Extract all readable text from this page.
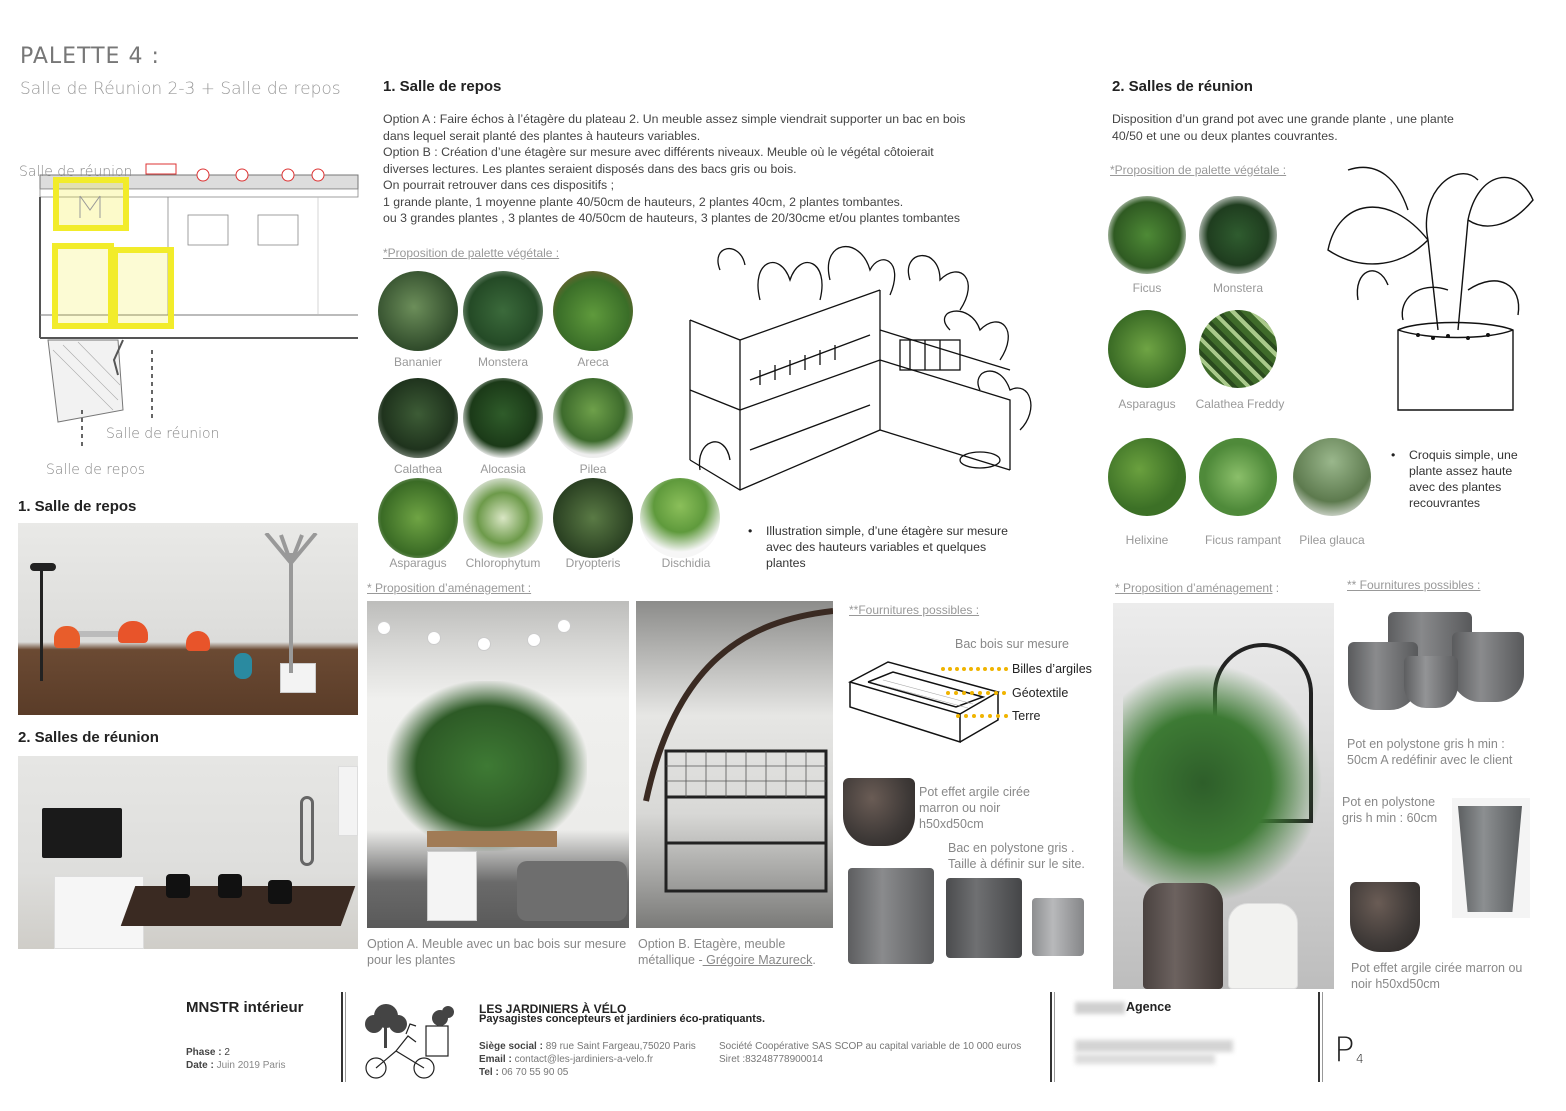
PALETTE 4 :
Salle de Réunion 2-3 + Salle de repos
Salle de réunion
Salle de réunion
Salle de repos
1. Salle de repos
2. Salles de réunion
1. Salle de repos
Option A : Faire échos à l’étagère du plateau 2. Un meuble assez simple viendrait supporter un bac en bois
dans lequel serait planté des plantes à hauteurs variables.
Option B : Création d’une étagère sur mesure avec différents niveaux. Meuble où le végétal côtoierait
diverses lectures. Les plantes seraient disposés dans des bacs gris ou bois.
On pourrait retrouver dans ces dispositifs ;
1 grande plante, 1 moyenne plante 40/50cm de hauteurs, 2 plantes 40cm, 2 plantes tombantes.
ou 3 grandes plantes , 3 plantes de 40/50cm de hauteurs, 3 plantes de 20/30cme et/ou plantes tombantes
*Proposition de palette végétale :
Bananier	Monstera	Areca
Calathea	Alocasia	Pilea
Asparagus	Chlorophytum	Dryopteris	Dischidia
• Illustration simple, d’une étagère sur mesure avec des hauteurs variables et quelques plantes
* Proposition d’aménagement :
Option A. Meuble avec un bac bois sur mesure pour les plantes
Option B. Etagère, meuble métallique - Grégoire Mazureck.
**Fournitures possibles :
Bac bois sur mesure
Billes d’argiles
Géotextile
Terre
Pot effet argile cirée marron ou noir h50xd50cm
Bac en polystone gris . Taille à définir sur le site.
2. Salles de réunion
Disposition d’un grand pot avec une grande plante , une plante 40/50 et une ou deux plantes couvrantes.
*Proposition de palette végétale :
Ficus	Monstera
Asparagus	Calathea Freddy
Helixine	Ficus rampant	Pilea glauca
• Croquis simple, une plante assez haute avec des plantes recouvrantes
* Proposition d’aménagement :	** Fournitures possibles :
Pot en polystone gris h min : 50cm A redéfinir avec le client
Pot en polystone gris h min : 60cm
Pot effet argile cirée marron ou noir h50xd50cm
MNSTR intérieur
Phase : 2
Date : Juin 2019 Paris
LES JARDINIERS À VÉLO
Paysagistes concepteurs et jardiniers éco-pratiquants.
Siège social : 89 rue Saint Fargeau,75020 Paris
Email : contact@les-jardiniers-a-velo.fr
Tel : 06 70 55 90 05
Société Coopérative SAS SCOP au capital variable de 10 000 euros
Siret :83248778900014
Agence
P 4
